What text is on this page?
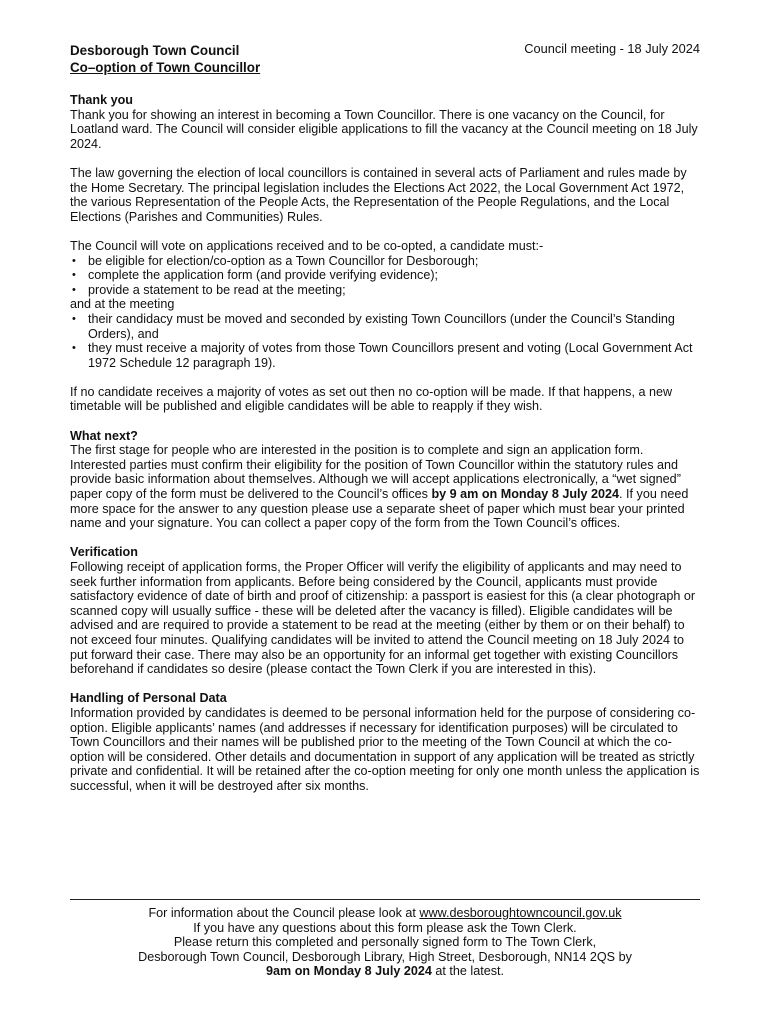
Desborough Town Council
Co–option of Town Councillor
Council meeting - 18 July 2024
Thank you

Thank you for showing an interest in becoming a Town Councillor. There is one vacancy on the Council, for Loatland ward. The Council will consider eligible applications to fill the vacancy at the Council meeting on 18 July 2024.

The law governing the election of local councillors is contained in several acts of Parliament and rules made by the Home Secretary. The principal legislation includes the Elections Act 2022, the Local Government Act 1972, the various Representation of the People Acts, the Representation of the People Regulations, and the Local Elections (Parishes and Communities) Rules.

The Council will vote on applications received and to be co-opted, a candidate must:-
• be eligible for election/co-option as a Town Councillor for Desborough;
• complete the application form (and provide verifying evidence);
• provide a statement to be read at the meeting;
and at the meeting
• their candidacy must be moved and seconded by existing Town Councillors (under the Council’s Standing Orders), and
• they must receive a majority of votes from those Town Councillors present and voting (Local Government Act 1972 Schedule 12 paragraph 19).

If no candidate receives a majority of votes as set out then no co-option will be made. If that happens, a new timetable will be published and eligible candidates will be able to reapply if they wish.

What next?

The first stage for people who are interested in the position is to complete and sign an application form. Interested parties must confirm their eligibility for the position of Town Councillor within the statutory rules and provide basic information about themselves. Although we will accept applications electronically, a “wet signed” paper copy of the form must be delivered to the Council’s offices by 9 am on Monday 8 July 2024. If you need more space for the answer to any question please use a separate sheet of paper which must bear your printed name and your signature. You can collect a paper copy of the form from the Town Council’s offices.

Verification

Following receipt of application forms, the Proper Officer will verify the eligibility of applicants and may need to seek further information from applicants. Before being considered by the Council, applicants must provide satisfactory evidence of date of birth and proof of citizenship: a passport is easiest for this (a clear photograph or scanned copy will usually suffice - these will be deleted after the vacancy is filled). Eligible candidates will be advised and are required to provide a statement to be read at the meeting (either by them or on their behalf) to not exceed four minutes. Qualifying candidates will be invited to attend the Council meeting on 18 July 2024 to put forward their case. There may also be an opportunity for an informal get together with existing Councillors beforehand if candidates so desire (please contact the Town Clerk if you are interested in this).

Handling of Personal Data

Information provided by candidates is deemed to be personal information held for the purpose of considering co-option. Eligible applicants’ names (and addresses if necessary for identification purposes) will be circulated to Town Councillors and their names will be published prior to the meeting of the Town Council at which the co-option will be considered. Other details and documentation in support of any application will be treated as strictly private and confidential. It will be retained after the co-option meeting for only one month unless the application is successful, when it will be destroyed after six months.

For information about the Council please look at www.desboroughtowncouncil.gov.uk
If you have any questions about this form please ask the Town Clerk.
Please return this completed and personally signed form to The Town Clerk,
Desborough Town Council, Desborough Library, High Street, Desborough, NN14 2QS by
9am on Monday 8 July 2024 at the latest.
